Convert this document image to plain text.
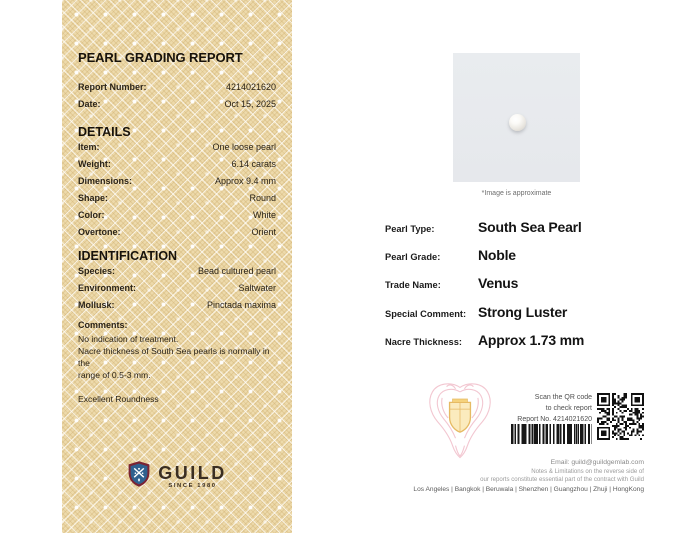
PEARL GRADING REPORT
Report Number:	4214021620
Date:	Oct 15, 2025
DETAILS
Item:	One loose pearl
Weight:	6.14 carats
Dimensions:	Approx 9.4 mm
Shape:	Round
Color:	White
Overtone:	Orient
IDENTIFICATION
Species:	Bead cultured pearl
Environment:	Saltwater
Mollusk:	Pinctada maxima
Comments:
No indication of treatment.
Nacre thickness of South Sea pearls is normally in the
range of 0.5-3 mm.
Excellent Roundness
GUILD
SINCE 1980
*Image is approximate
Pearl Type:	South Sea Pearl
Pearl Grade:	Noble
Trade Name:	Venus
Special Comment: Strong Luster
Nacre Thickness:	Approx 1.73 mm
Scan the QR code
to check report
Report No. 4214021620
Email: guild@guildgemlab.com
Notes & Limitations on the reverse side of
our reports constitute essential part of the contract with Guild
Los Angeles | Bangkok | Beruwala | Shenzhen | Guangzhou | Zhuji | HongKong
